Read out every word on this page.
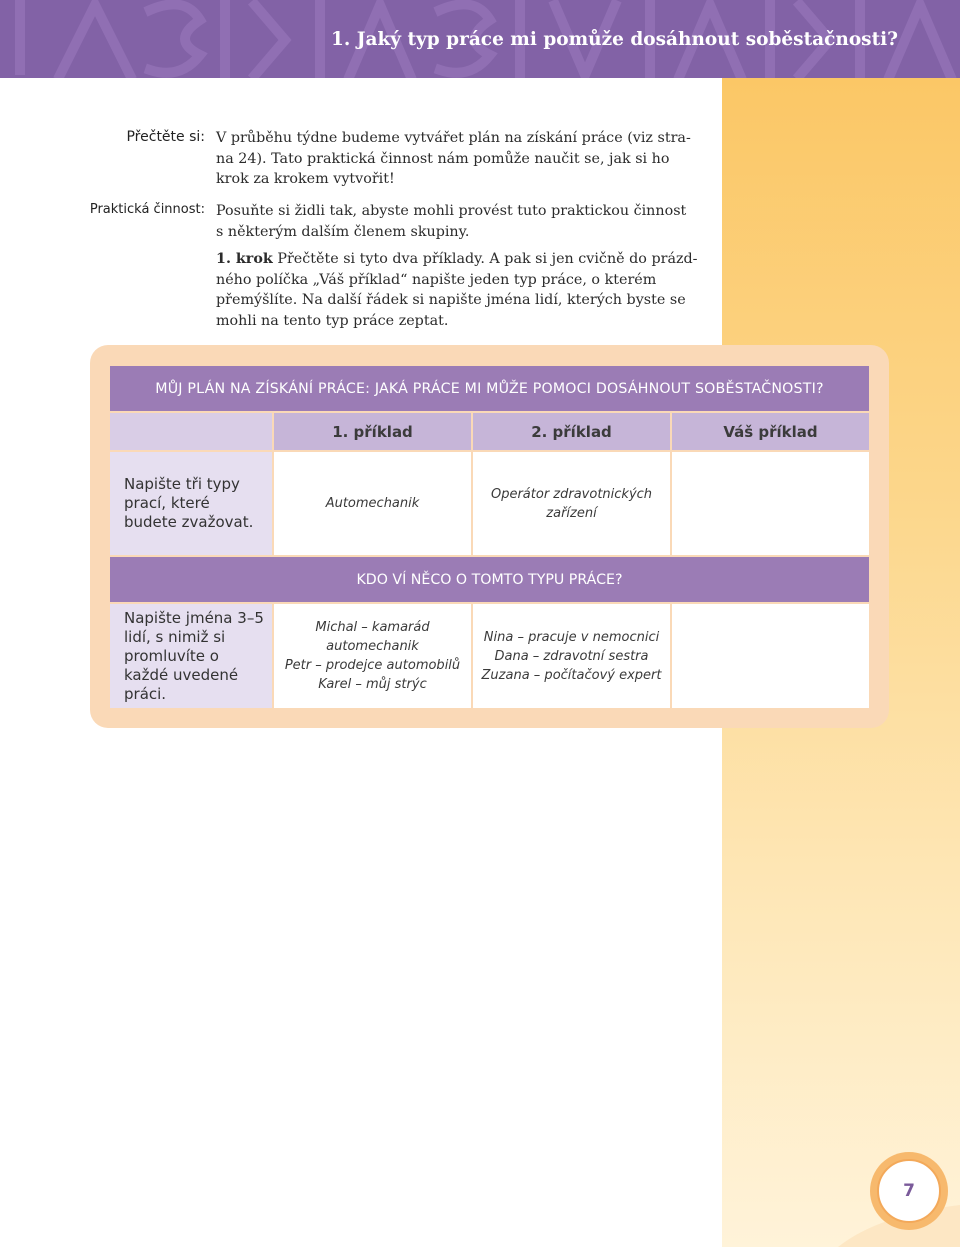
1. Jaký typ práce mi pomůže dosáhnout soběstačnosti?
Přečtěte si: V průběhu týdne budeme vytvářet plán na získání práce (viz stra-
na 24). Tato praktická činnost nám pomůže naučit se, jak si ho
krok za krokem vytvořit!
Praktická činnost: Posuňte si židli tak, abyste mohli provést tuto praktickou činnost
s některým dalším členem skupiny.
1. krok Přečtěte si tyto dva příklady. A pak si jen cvičně do prázd-
ného políčka „Váš příklad“ napište jeden typ práce, o kterém
přemýšlíte. Na další řádek si napište jména lidí, kterých byste se
mohli na tento typ práce zeptat.
MŮJ PLÁN NA ZÍSKÁNÍ PRÁCE: JAKÁ PRÁCE MI MŮŽE POMOCI DOSÁHNOUT SOBĚSTAČNOSTI?
1. příklad	2. příklad	Váš příklad
Napište tři typy prací, které budete zvažovat.
Automechanik
Operátor zdravotnických zařízení
KDO VÍ NĚCO O TOMTO TYPU PRÁCE?
Napište jména 3–5 lidí, s nimiž si promluvíte o každé uvedené práci.
Michal – kamarád
automechanik
Petr – prodejce automobilů
Karel – můj strýc
Nina – pracuje v nemocnici
Dana – zdravotní sestra
Zuzana – počítačový expert
7
